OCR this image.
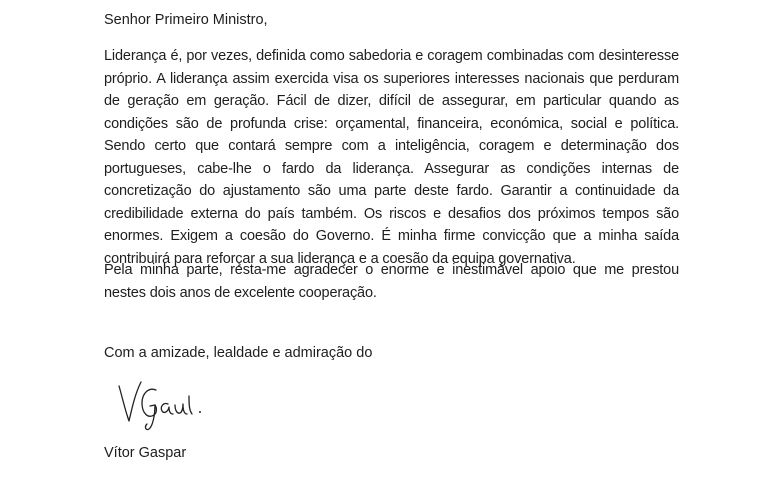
Senhor Primeiro Ministro,

Liderança é, por vezes, definida como sabedoria e coragem combinadas com desinteresse próprio. A liderança assim exercida visa os superiores interesses nacionais que perduram de geração em geração. Fácil de dizer, difícil de assegurar, em particular quando as condições são de profunda crise: orçamental, financeira, económica, social e política. Sendo certo que contará sempre com a inteligência, coragem e determinação dos portugueses, cabe-lhe o fardo da liderança. Assegurar as condições internas de concretização do ajustamento são uma parte deste fardo. Garantir a continuidade da credibilidade externa do país também. Os riscos e desafios dos próximos tempos são enormes. Exigem a coesão do Governo. É minha firme convicção que a minha saída contribuirá para reforçar a sua liderança e a coesão da equipa governativa.

Pela minha parte, resta-me agradecer o enorme e inestimável apoio que me prestou nestes dois anos de excelente cooperação.

Com a amizade, lealdade e admiração do
Vítor Gaspar
